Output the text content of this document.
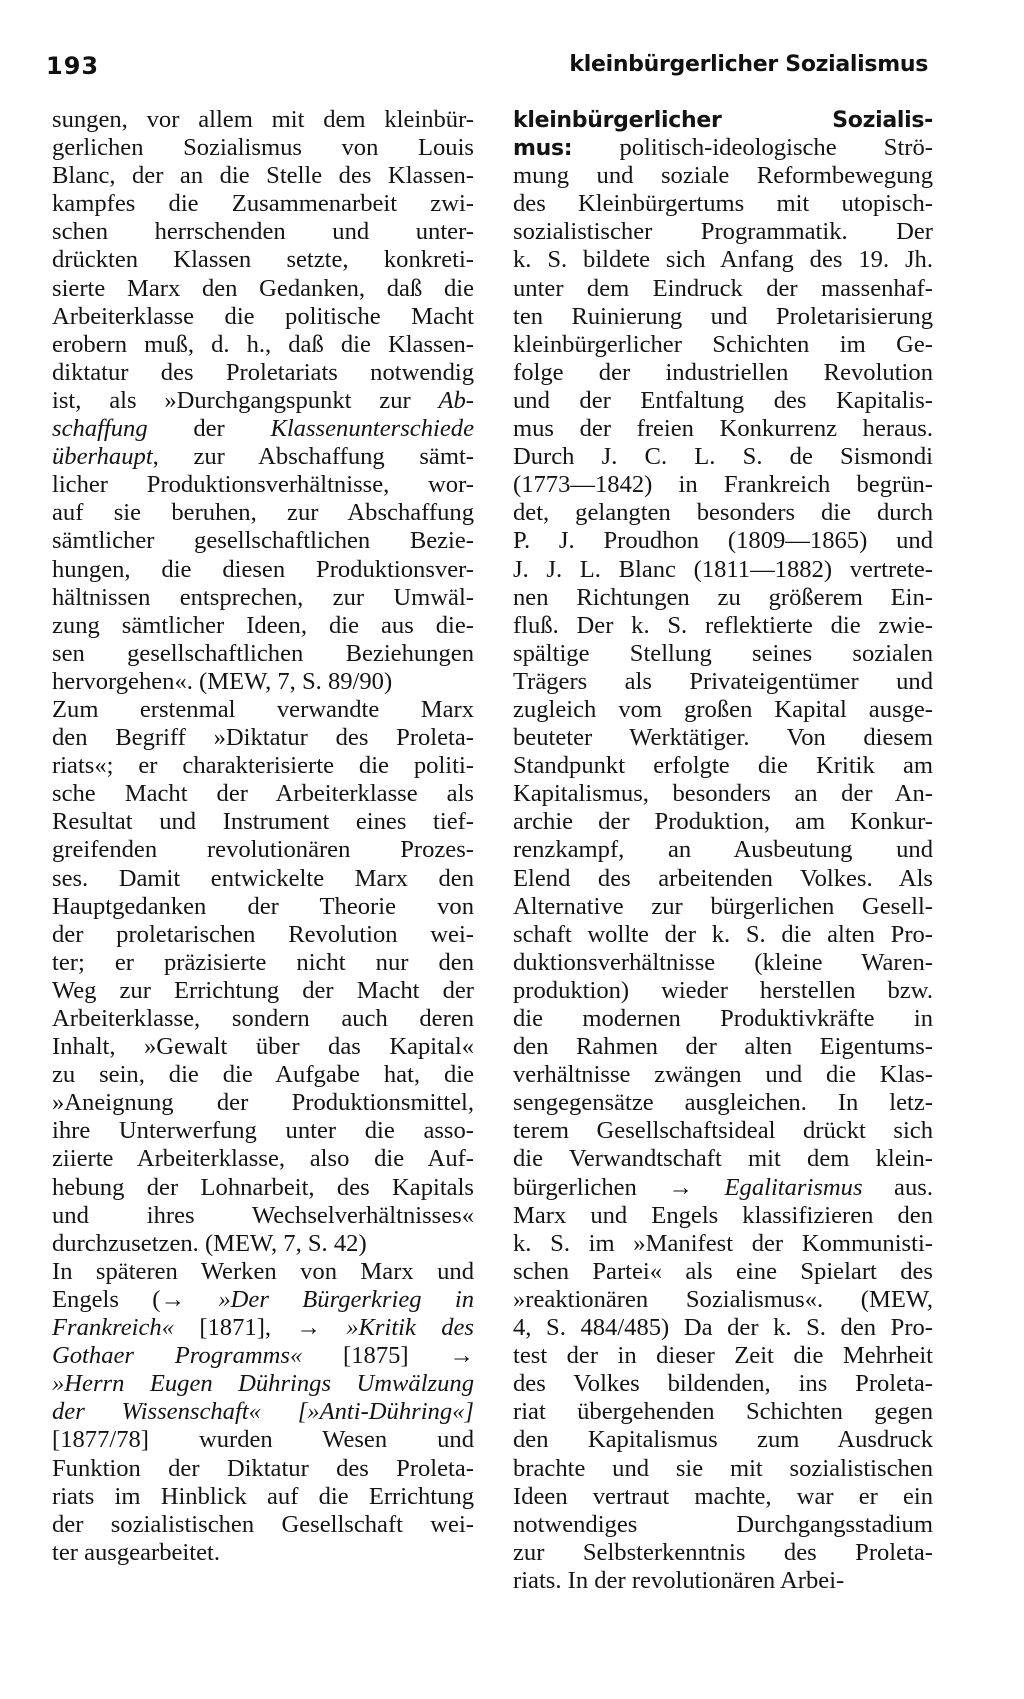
193	kleinbürgerlicher Sozialismus
sungen, vor allem mit dem kleinbür-
gerlichen Sozialismus von Louis
Blanc, der an die Stelle des Klassen-
kampfes die Zusammenarbeit zwi-
schen herrschenden und unter-
drückten Klassen setzte, konkreti-
sierte Marx den Gedanken, daß die
Arbeiterklasse die politische Macht
erobern muß, d. h., daß die Klassen-
diktatur des Proletariats notwendig
ist, als »Durchgangspunkt zur Ab-
schaffung der Klassenunterschiede
überhaupt, zur Abschaffung sämt-
licher Produktionsverhältnisse, wor-
auf sie beruhen, zur Abschaffung
sämtlicher gesellschaftlichen Bezie-
hungen, die diesen Produktionsver-
hältnissen entsprechen, zur Umwäl-
zung sämtlicher Ideen, die aus die-
sen gesellschaftlichen Beziehungen
hervorgehen«. (MEW, 7, S. 89/90)
Zum erstenmal verwandte Marx
den Begriff »Diktatur des Proleta-
riats«; er charakterisierte die politi-
sche Macht der Arbeiterklasse als
Resultat und Instrument eines tief-
greifenden revolutionären Prozes-
ses. Damit entwickelte Marx den
Hauptgedanken der Theorie von
der proletarischen Revolution wei-
ter; er präzisierte nicht nur den
Weg zur Errichtung der Macht der
Arbeiterklasse, sondern auch deren
Inhalt, »Gewalt über das Kapital«
zu sein, die die Aufgabe hat, die
»Aneignung der Produktionsmittel,
ihre Unterwerfung unter die asso-
ziierte Arbeiterklasse, also die Auf-
hebung der Lohnarbeit, des Kapitals
und ihres Wechselverhältnisses«
durchzusetzen. (MEW, 7, S. 42)
In späteren Werken von Marx und
Engels (→ »Der Bürgerkrieg in
Frankreich« [1871], → »Kritik des
Gothaer Programms« [1875] →
»Herrn Eugen Dührings Umwälzung
der Wissenschaft« [»Anti-Dühring«]
[1877/78] wurden Wesen und
Funktion der Diktatur des Proleta-
riats im Hinblick auf die Errichtung
der sozialistischen Gesellschaft wei-
ter ausgearbeitet.
kleinbürgerlicher Sozialis-
mus: politisch-ideologische Strö-
mung und soziale Reformbewegung
des Kleinbürgertums mit utopisch-
sozialistischer Programmatik. Der
k. S. bildete sich Anfang des 19. Jh.
unter dem Eindruck der massenhaf-
ten Ruinierung und Proletarisierung
kleinbürgerlicher Schichten im Ge-
folge der industriellen Revolution
und der Entfaltung des Kapitalis-
mus der freien Konkurrenz heraus.
Durch J. C. L. S. de Sismondi
(1773—1842) in Frankreich begrün-
det, gelangten besonders die durch
P. J. Proudhon (1809—1865) und
J. J. L. Blanc (1811—1882) vertrete-
nen Richtungen zu größerem Ein-
fluß. Der k. S. reflektierte die zwie-
spältige Stellung seines sozialen
Trägers als Privateigentümer und
zugleich vom großen Kapital ausge-
beuteter Werktätiger. Von diesem
Standpunkt erfolgte die Kritik am
Kapitalismus, besonders an der An-
archie der Produktion, am Konkur-
renzkampf, an Ausbeutung und
Elend des arbeitenden Volkes. Als
Alternative zur bürgerlichen Gesell-
schaft wollte der k. S. die alten Pro-
duktionsverhältnisse (kleine Waren-
produktion) wieder herstellen bzw.
die modernen Produktivkräfte in
den Rahmen der alten Eigentums-
verhältnisse zwängen und die Klas-
sengegensätze ausgleichen. In letz-
terem Gesellschaftsideal drückt sich
die Verwandtschaft mit dem klein-
bürgerlichen → Egalitarismus aus.
Marx und Engels klassifizieren den
k. S. im »Manifest der Kommunisti-
schen Partei« als eine Spielart des
»reaktionären Sozialismus«. (MEW,
4, S. 484/485) Da der k. S. den Pro-
test der in dieser Zeit die Mehrheit
des Volkes bildenden, ins Proleta-
riat übergehenden Schichten gegen
den Kapitalismus zum Ausdruck
brachte und sie mit sozialistischen
Ideen vertraut machte, war er ein
notwendiges Durchgangsstadium
zur Selbsterkenntnis des Proleta-
riats. In der revolutionären Arbei-
